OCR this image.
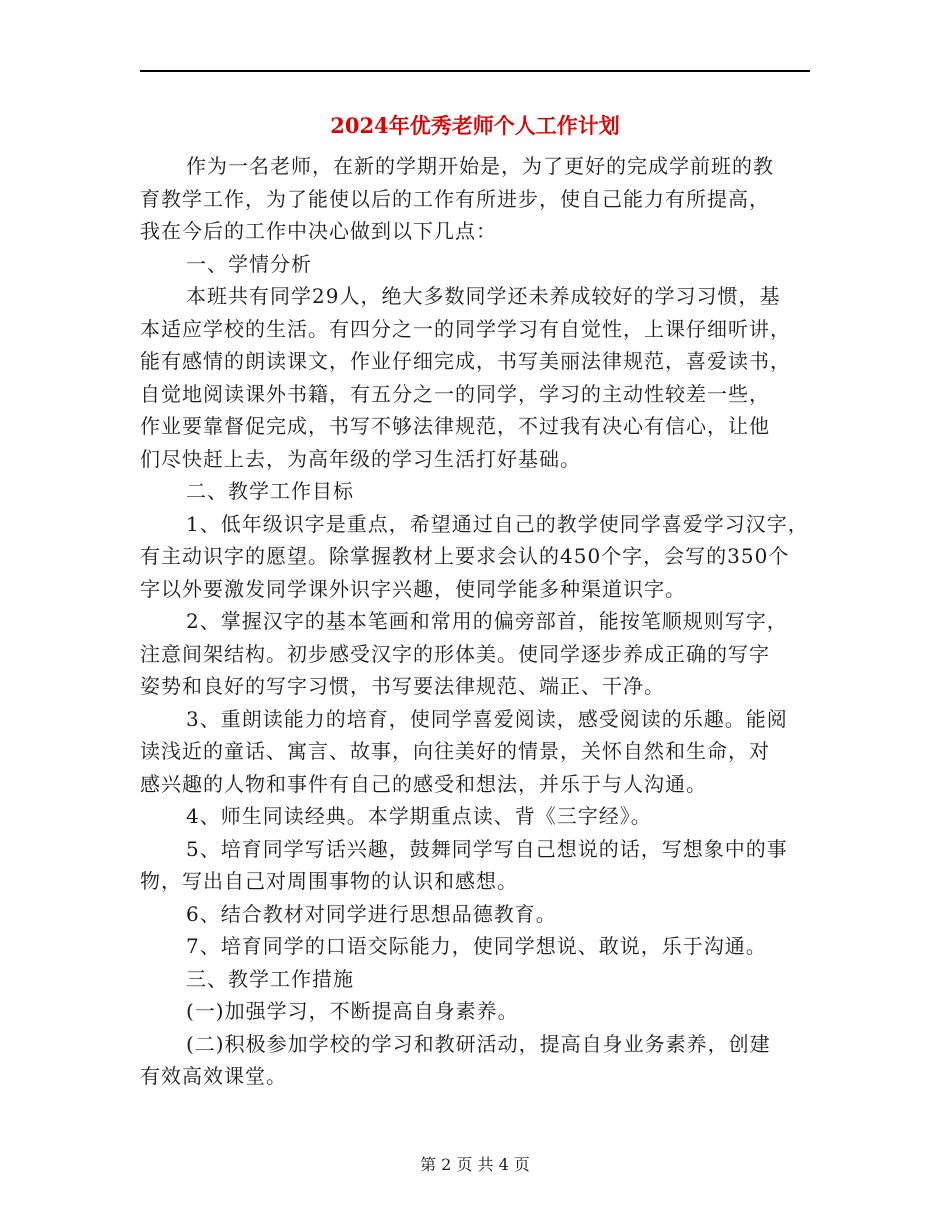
2024年优秀老师个人工作计划

作为一名老师，在新的学期开始是，为了更好的完成学前班的教

育教学工作，为了能使以后的工作有所进步，使自己能力有所提高，

我在今后的工作中决心做到以下几点：

一、学情分析

本班共有同学29人，绝大多数同学还未养成较好的学习习惯，基

本适应学校的生活。有四分之一的同学学习有自觉性，上课仔细听讲，

能有感情的朗读课文，作业仔细完成，书写美丽法律规范，喜爱读书，

自觉地阅读课外书籍，有五分之一的同学，学习的主动性较差一些，

作业要靠督促完成，书写不够法律规范，不过我有决心有信心，让他

们尽快赶上去，为高年级的学习生活打好基础。

二、教学工作目标

1、低年级识字是重点，希望通过自己的教学使同学喜爱学习汉字，

有主动识字的愿望。除掌握教材上要求会认的450个字，会写的350个

字以外要激发同学课外识字兴趣，使同学能多种渠道识字。

2、掌握汉字的基本笔画和常用的偏旁部首，能按笔顺规则写字，

注意间架结构。初步感受汉字的形体美。使同学逐步养成正确的写字

姿势和良好的写字习惯，书写要法律规范、端正、干净。

3、重朗读能力的培育，使同学喜爱阅读，感受阅读的乐趣。能阅

读浅近的童话、寓言、故事，向往美好的情景，关怀自然和生命，对

感兴趣的人物和事件有自己的感受和想法，并乐于与人沟通。

4、师生同读经典。本学期重点读、背《三字经》。

5、培育同学写话兴趣，鼓舞同学写自己想说的话，写想象中的事

物，写出自己对周围事物的认识和感想。

6、结合教材对同学进行思想品德教育。

7、培育同学的口语交际能力，使同学想说、敢说，乐于沟通。

三、教学工作措施

(一)加强学习，不断提高自身素养。

(二)积极参加学校的学习和教研活动，提高自身业务素养，创建

有效高效课堂。

第 2 页 共 4 页
